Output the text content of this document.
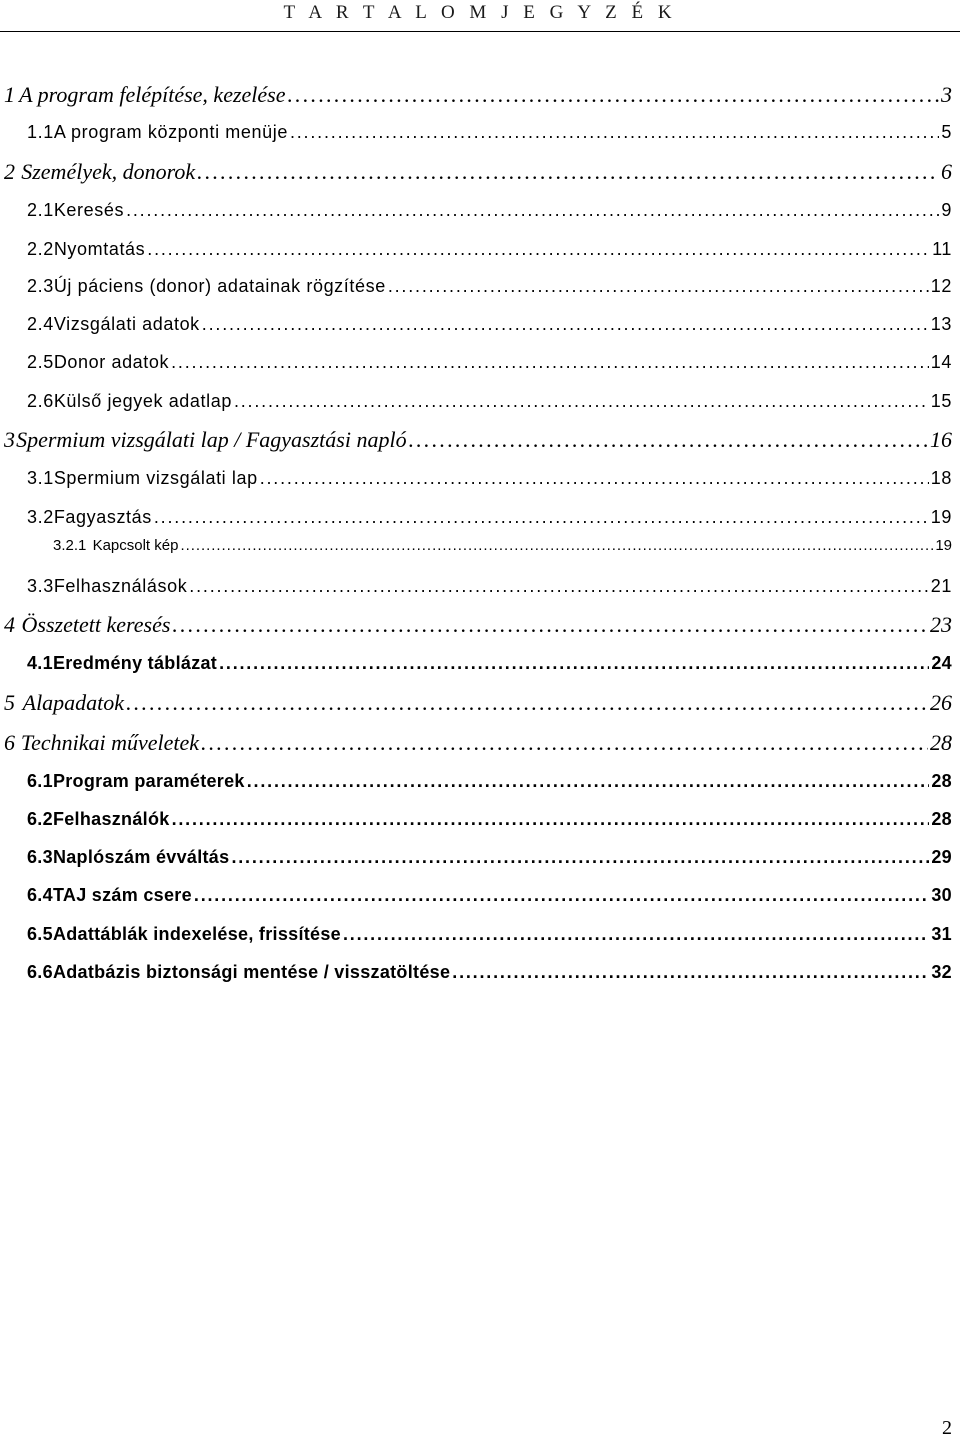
T A R T A L O M J E G Y Z É K
1 A program felépítése, kezelése . . .	3
1.1 A program központi menüje . . .	5
2 Személyek, donorok . . .	6
2.1 Keresés . . .	9
2.2 Nyomtatás . . .	11
2.3 Új páciens (donor) adatainak rögzítése . . .	12
2.4 Vizsgálati adatok . . .	13
2.5 Donor adatok . . .	14
2.6 Külső jegyek adatlap . . .	15
3 Spermium vizsgálati lap / Fagyasztási napló . . .	16
3.1 Spermium vizsgálati lap . . .	18
3.2 Fagyasztás . . .	19
3.2.1 Kapcsolt kép . . .	19
3.3 Felhasználások . . .	21
4 Összetett keresés . . .	23
4.1 Eredmény táblázat . . .	24
5 Alapadatok . . .	26
6 Technikai műveletek . . .	28
6.1 Program paraméterek . . .	28
6.2 Felhasználók . . .	28
6.3 Naplószám évváltás . . .	29
6.4 TAJ szám csere . . .	30
6.5 Adattáblák indexelése, frissítése . . .	31
6.6 Adatbázis biztonsági mentése / visszatöltése . . .	32
2
